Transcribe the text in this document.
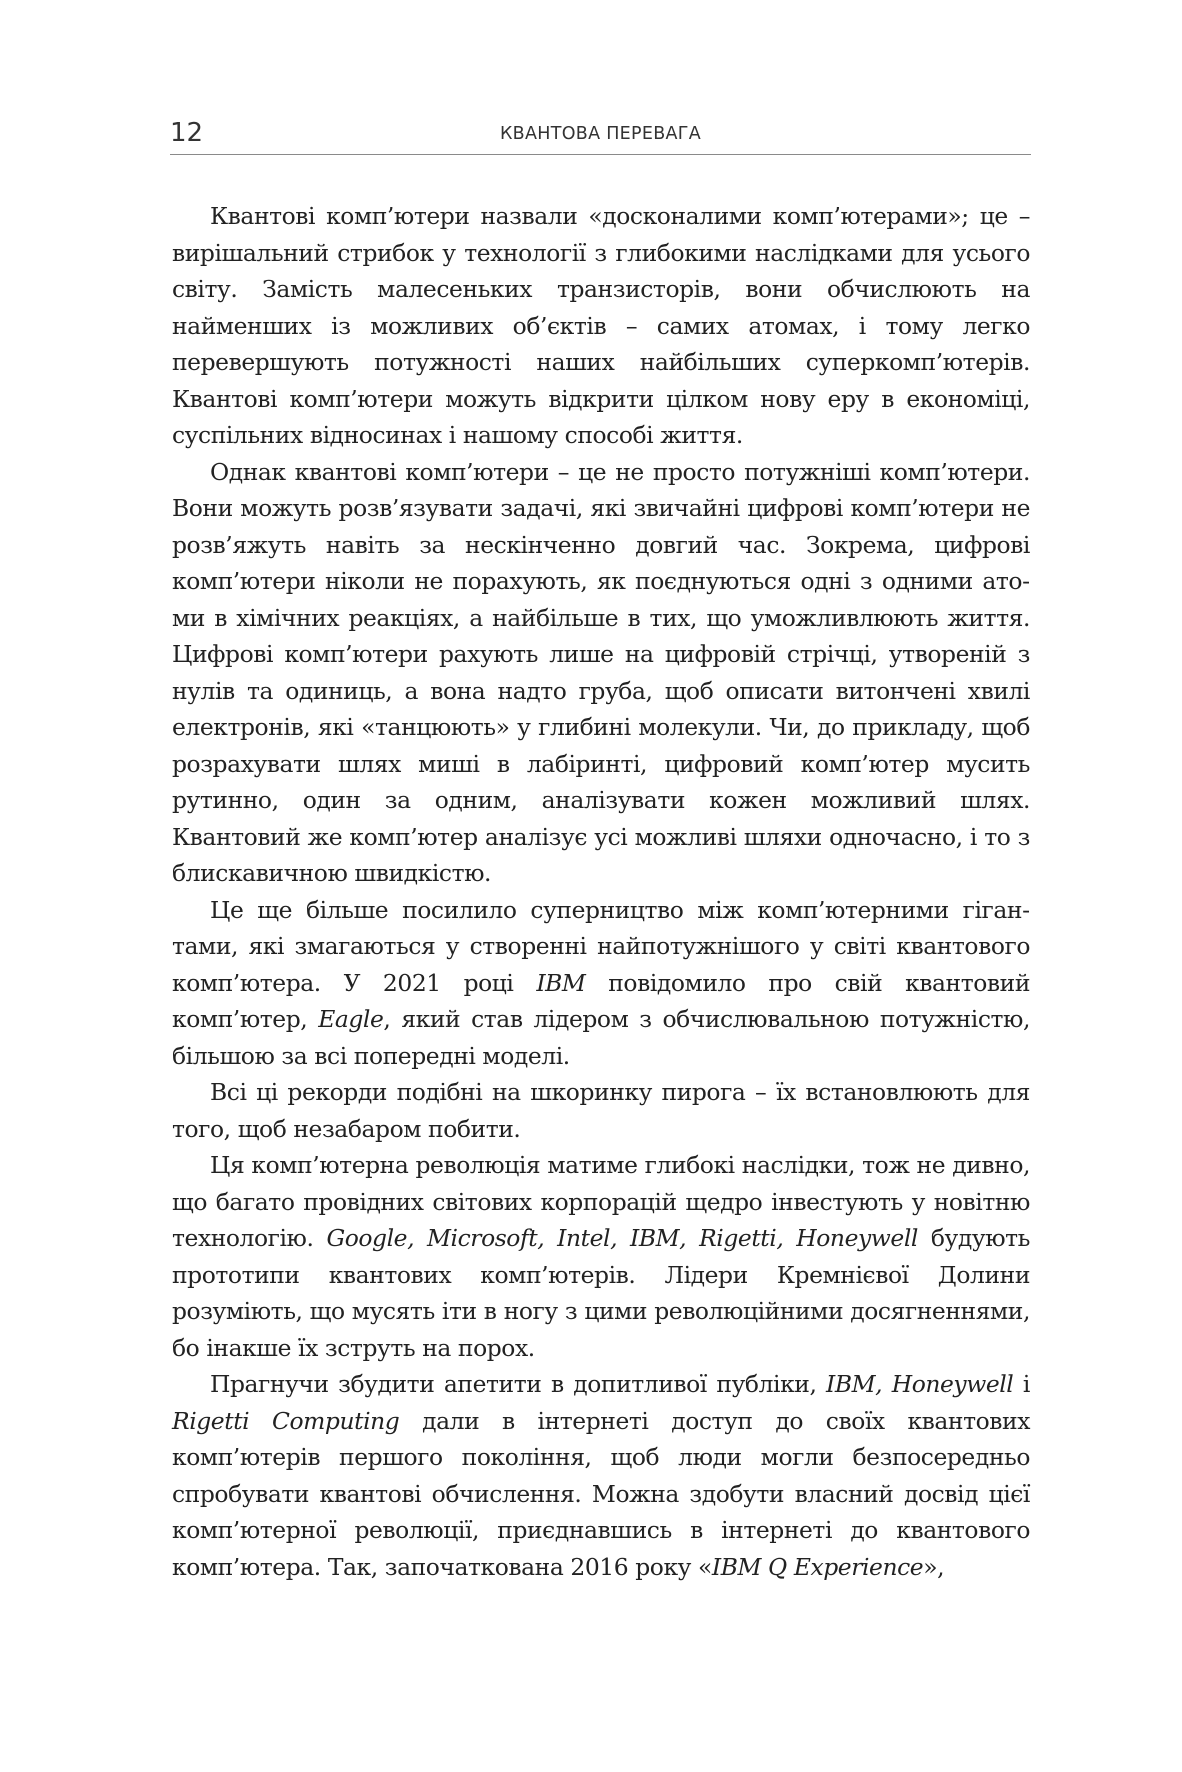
12	КВАНТОВА ПЕРЕВАГА

Квантові комп’ютери назвали «досконалими комп’ютерами»; це – вирішальний стрибок у технології з глибокими наслідками для усього світу. Замість малесеньких транзисторів, вони обчислюють на найменших із можливих об’єктів – самих атомах, і тому легко перевершують потужності наших найбільших суперкомп’ютерів. Квантові комп’ютери можуть відкрити цілком нову еру в економіці, суспільних відносинах і нашому способі життя.

Однак квантові комп’ютери – це не просто потужніші комп’ютери. Вони можуть розв’язувати задачі, які звичайні цифрові комп’ютери не розв’яжуть навіть за нескінченно довгий час. Зокрема, цифрові комп’ютери ніколи не порахують, як поєднуються одні з одними атоми в хімічних реакціях, а найбільше в тих, що уможливлюють життя. Цифрові комп’ютери рахують лише на цифровій стрічці, утвореній з нулів та одиниць, а вона надто груба, щоб описати витончені хвилі електронів, які «танцюють» у глибині молекули. Чи, до прикладу, щоб розрахувати шлях миші в лабіринті, цифровий комп’ютер мусить рутинно, один за одним, аналізувати кожен можливий шлях. Квантовий же комп’ютер аналізує усі можливі шляхи одночасно, і то з блискавичною швидкістю.

Це ще більше посилило суперництво між комп’ютерними гігантами, які змагаються у створенні найпотужнішого у світі квантового комп’ютера. У 2021 році IBM повідомило про свій квантовий комп’ютер, Eagle, який став лідером з обчислювальною потужністю, більшою за всі попередні моделі.

Всі ці рекорди подібні на шкоринку пирога – їх встановлюють для того, щоб незабаром побити.

Ця комп’ютерна революція матиме глибокі наслідки, тож не дивно, що багато провідних світових корпорацій щедро інвестують у новітню технологію. Google, Microsoft, Intel, IBM, Rigetti, Honeywell будують прототипи квантових комп’ютерів. Лідери Кремнієвої Долини розуміють, що мусять іти в ногу з цими революційними досягненнями, бо інакше їх зструть на порох.

Прагнучи збудити апетити в допитливої публіки, IBM, Honeywell і Rigetti Computing дали в інтернеті доступ до своїх квантових комп’ютерів першого покоління, щоб люди могли безпосередньо спробувати квантові обчислення. Можна здобути власний досвід цієї комп’ютерної революції, приєднавшись в інтернеті до квантового комп’ютера. Так, започаткована 2016 року «IBM Q Experience»,
